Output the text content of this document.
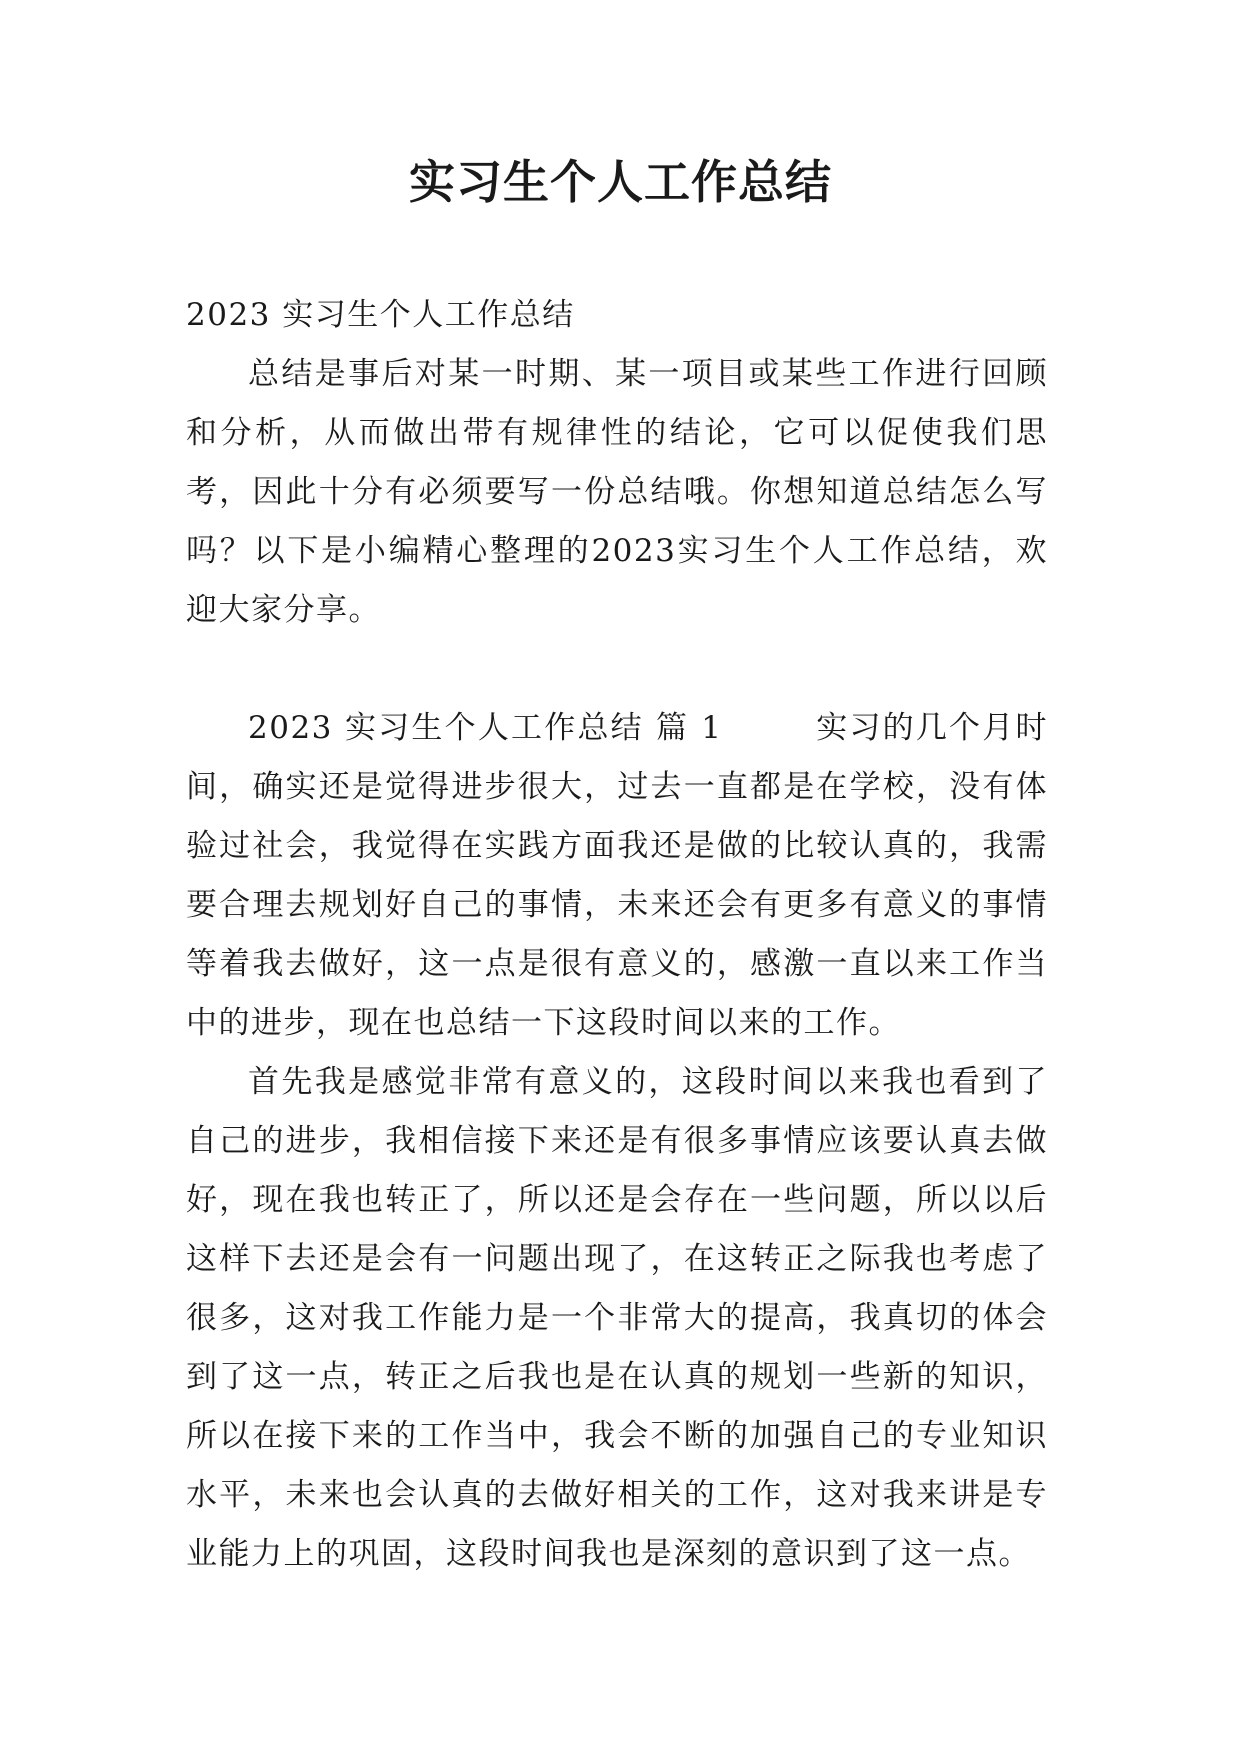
实习生个人工作总结

2023 实习生个人工作总结

总结是事后对某一时期、某一项目或某些工作进行回顾和分析，从而做出带有规律性的结论，它可以促使我们思考，因此十分有必须要写一份总结哦。你想知道总结怎么写吗？以下是小编精心整理的2023实习生个人工作总结，欢迎大家分享。

2023 实习生个人工作总结 篇 1	实习的几个月时间，确实还是觉得进步很大，过去一直都是在学校，没有体验过社会，我觉得在实践方面我还是做的比较认真的，我需要合理去规划好自己的事情，未来还会有更多有意义的事情等着我去做好，这一点是很有意义的，感激一直以来工作当中的进步，现在也总结一下这段时间以来的工作。

首先我是感觉非常有意义的，这段时间以来我也看到了自己的进步，我相信接下来还是有很多事情应该要认真去做好，现在我也转正了，所以还是会存在一些问题，所以以后这样下去还是会有一问题出现了，在这转正之际我也考虑了很多，这对我工作能力是一个非常大的提高，我真切的体会到了这一点，转正之后我也是在认真的规划一些新的知识，所以在接下来的工作当中，我会不断的加强自己的专业知识水平，未来也会认真的去做好相关的工作，这对我来讲是专业能力上的巩固，这段时间我也是深刻的意识到了这一点。
